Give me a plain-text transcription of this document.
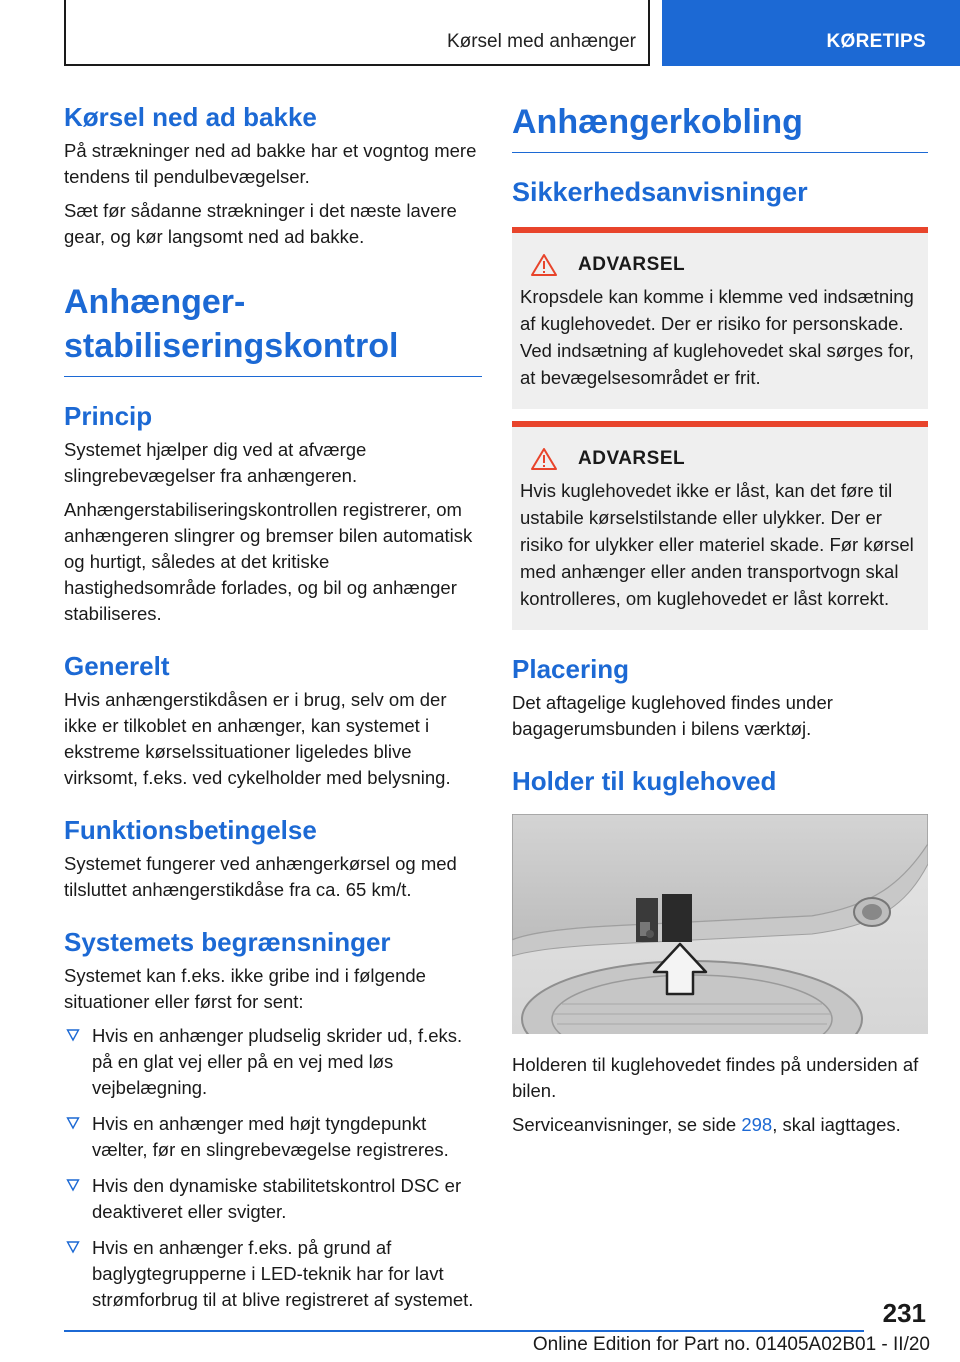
Kørsel med anhænger	KØRETIPS
Kørsel ned ad bakke
På strækninger ned ad bakke har et vogntog mere tendens til pendulbevægelser.
Sæt før sådanne strækninger i det næste lavere gear, og kør langsomt ned ad bakke.
Anhænger-
stabiliseringskontrol
Princip
Systemet hjælper dig ved at afværge slingrebevægelser fra anhængeren.
Anhængerstabiliseringskontrollen registrerer, om anhængeren slingrer og bremser bilen automatisk og hurtigt, således at det kritiske hastighedsområde forlades, og bil og anhænger stabiliseres.
Generelt
Hvis anhængerstikdåsen er i brug, selv om der ikke er tilkoblet en anhænger, kan systemet i ekstreme kørselssituationer ligeledes blive virksomt, f.eks. ved cykelholder med belysning.
Funktionsbetingelse
Systemet fungerer ved anhængerkørsel og med tilsluttet anhængerstikdåse fra ca. 65 km/t.
Systemets begrænsninger
Systemet kan f.eks. ikke gribe ind i følgende situationer eller først for sent:
Hvis en anhænger pludselig skrider ud, f.eks. på en glat vej eller på en vej med løs vejbelægning.
Hvis en anhænger med højt tyngdepunkt vælter, før en slingrebevægelse registreres.
Hvis den dynamiske stabilitetskontrol DSC er deaktiveret eller svigter.
Hvis en anhænger f.eks. på grund af baglygtegrupperne i LED-teknik har for lavt strømforbrug til at blive registreret af systemet.
Anhængerkobling
Sikkerhedsanvisninger
ADVARSEL
Kropsdele kan komme i klemme ved indsætning af kuglehovedet. Der er risiko for personskade. Ved indsætning af kuglehovedet skal sørges for, at bevægelsesområdet er frit.
ADVARSEL
Hvis kuglehovedet ikke er låst, kan det føre til ustabile kørselstilstande eller ulykker. Der er risiko for ulykker eller materiel skade. Før kørsel med anhænger eller anden transportvogn skal kontrolleres, om kuglehovedet er låst korrekt.
Placering
Det aftagelige kuglehoved findes under bagagerumsbunden i bilens værktøj.
Holder til kuglehoved
Holderen til kuglehovedet findes på undersiden af bilen.
Serviceanvisninger, se side 298, skal iagttages.
231
Online Edition for Part no. 01405A02B01 - II/20
